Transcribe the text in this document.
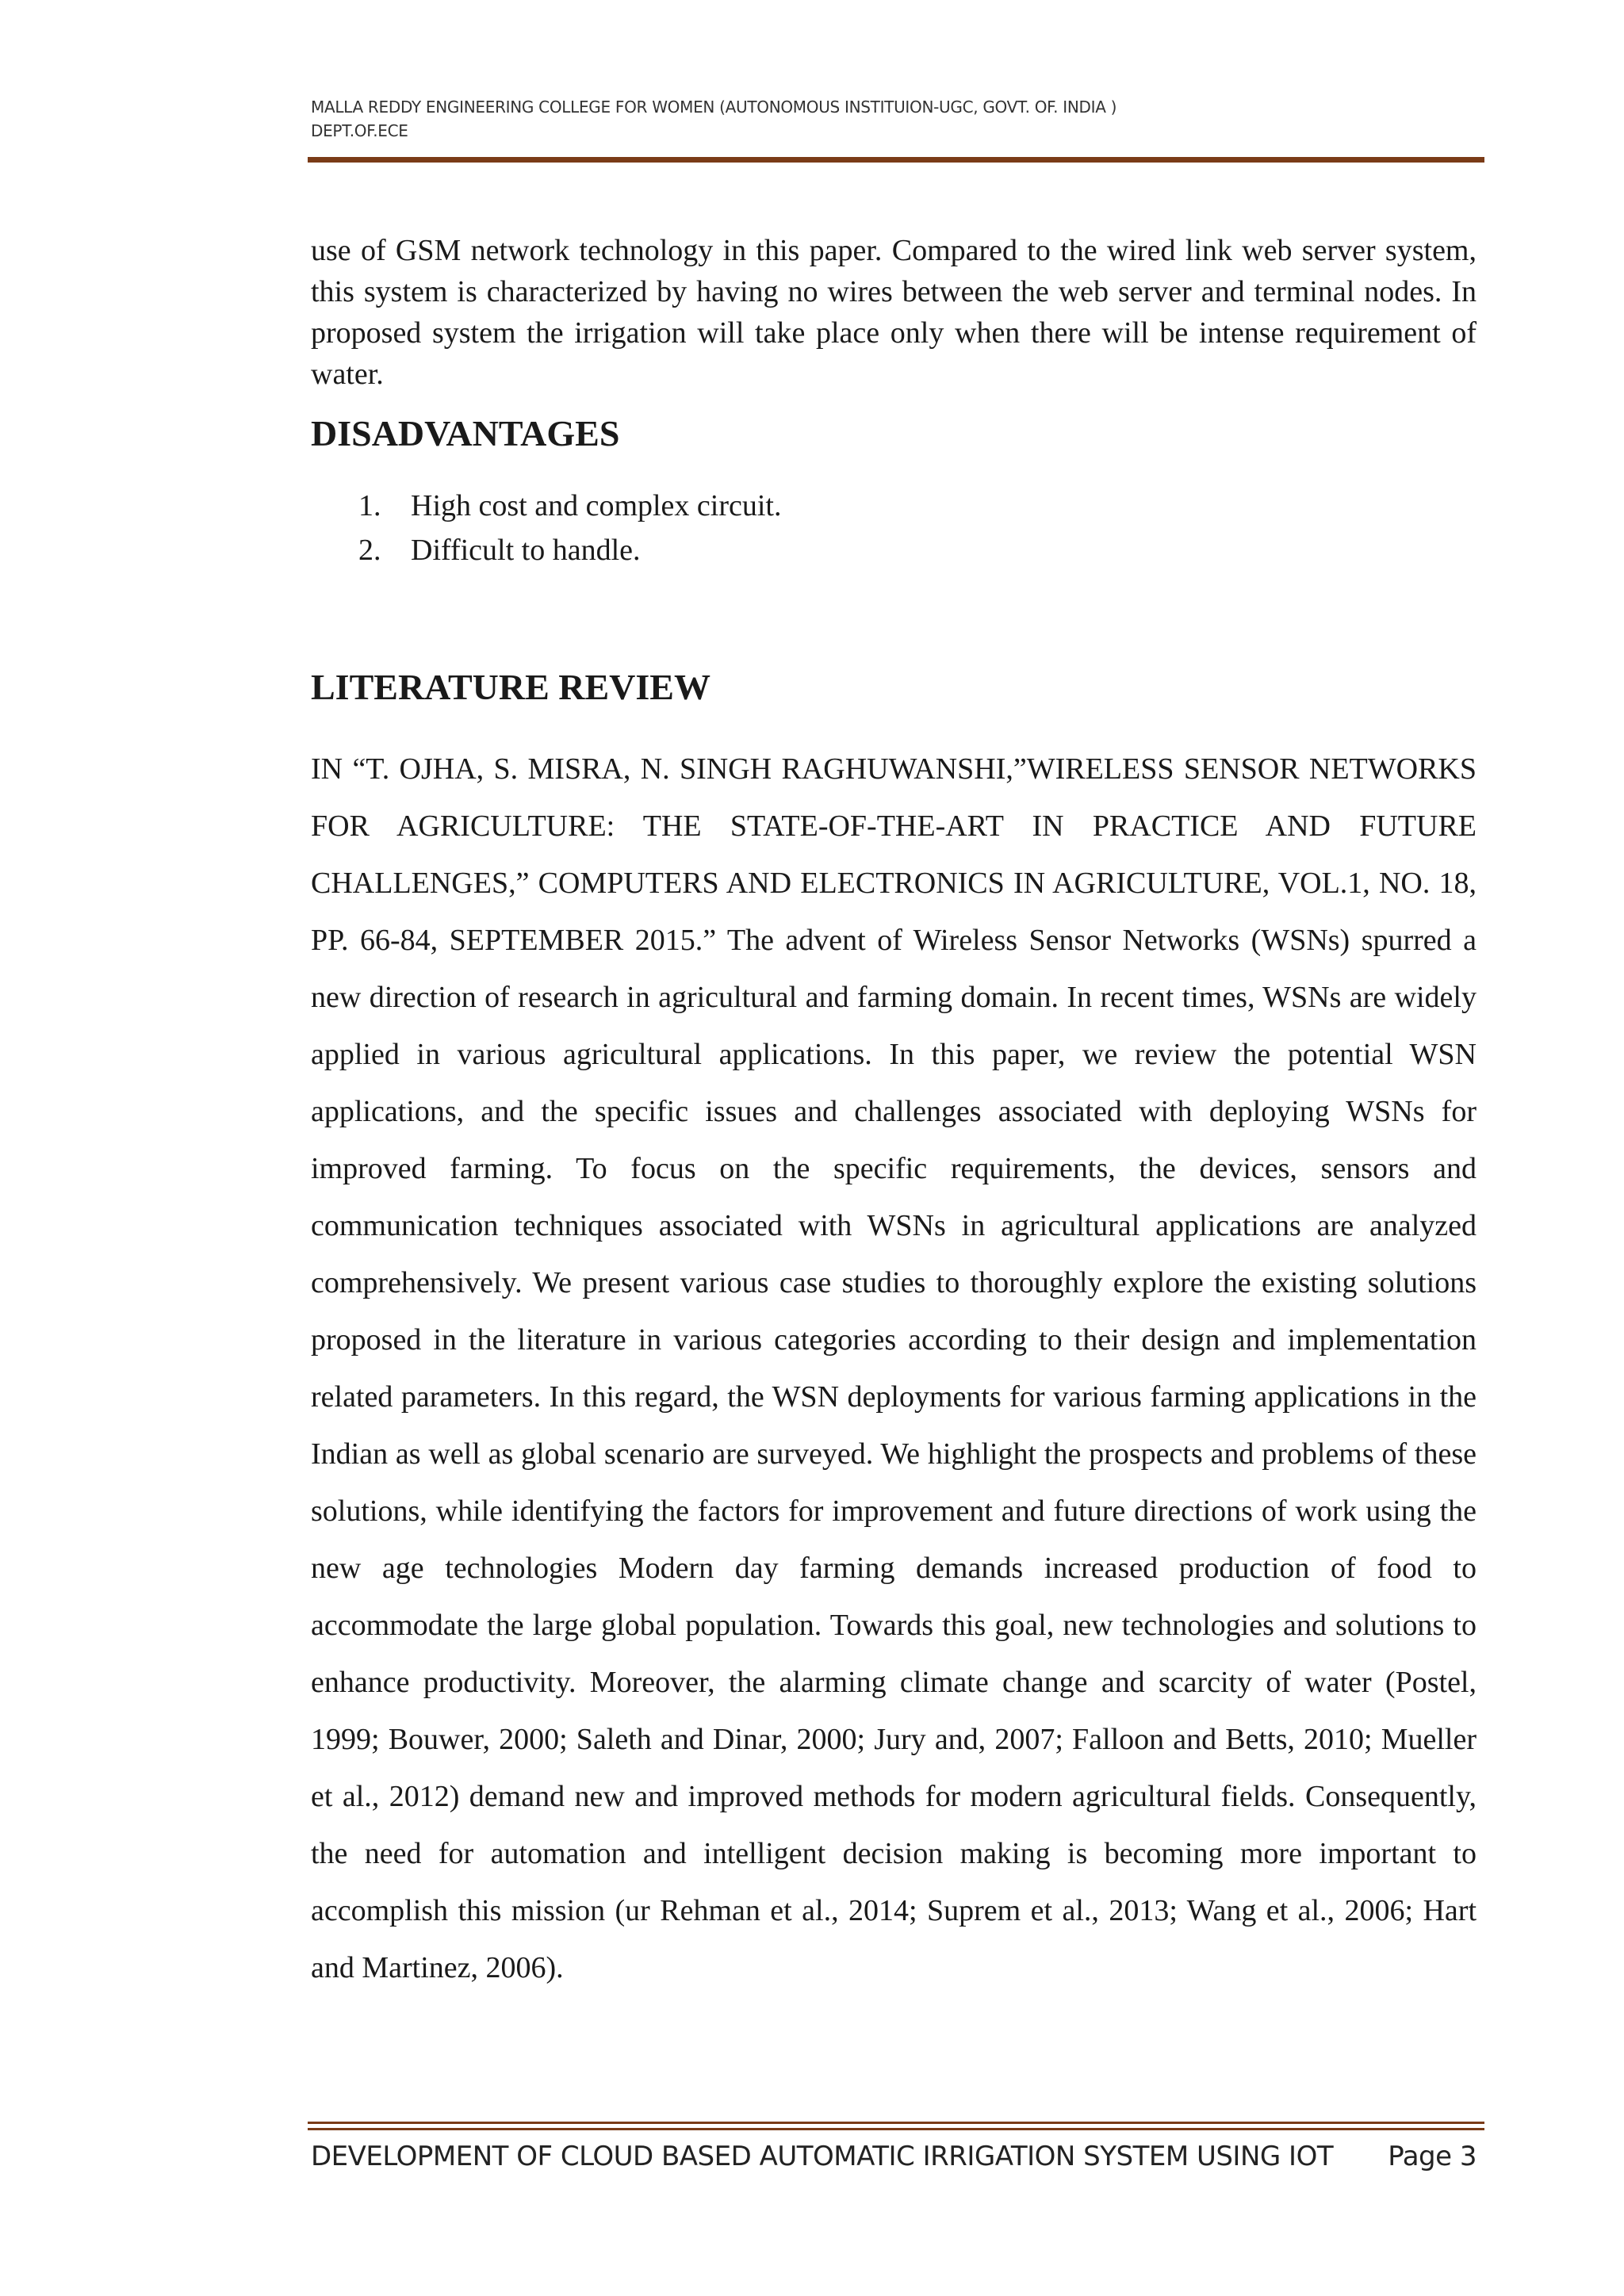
MALLA REDDY ENGINEERING COLLEGE FOR WOMEN (AUTONOMOUS INSTITUION-UGC, GOVT. OF. INDIA )
DEPT.OF.ECE
use of GSM network technology in this paper. Compared to the wired link web server system, this system is characterized by having no wires between the web server and terminal nodes. In proposed system the irrigation will take place only when there will be intense requirement of water.
DISADVANTAGES
1. High cost and complex circuit.
2. Difficult to handle.
LITERATURE REVIEW
IN “T. OJHA, S. MISRA, N. SINGH RAGHUWANSHI,”WIRELESS SENSOR NETWORKS FOR AGRICULTURE: THE STATE-OF-THE-ART IN PRACTICE AND FUTURE CHALLENGES,” COMPUTERS AND ELECTRONICS IN AGRICULTURE, VOL.1, NO. 18, PP. 66-84, SEPTEMBER 2015.” The advent of Wireless Sensor Networks (WSNs) spurred a new direction of research in agricultural and farming domain. In recent times, WSNs are widely applied in various agricultural applications. In this paper, we review the potential WSN applications, and the specific issues and challenges associated with deploying WSNs for improved farming. To focus on the specific requirements, the devices, sensors and communication techniques associated with WSNs in agricultural applications are analyzed comprehensively. We present various case studies to thoroughly explore the existing solutions proposed in the literature in various categories according to their design and implementation related parameters. In this regard, the WSN deployments for various farming applications in the Indian as well as global scenario are surveyed. We highlight the prospects and problems of these solutions, while identifying the factors for improvement and future directions of work using the new age technologies Modern day farming demands increased production of food to accommodate the large global population. Towards this goal, new technologies and solutions to enhance productivity. Moreover, the alarming climate change and scarcity of water (Postel, 1999; Bouwer, 2000; Saleth and Dinar, 2000; Jury and, 2007; Falloon and Betts, 2010; Mueller et al., 2012) demand new and improved methods for modern agricultural fields. Consequently, the need for automation and intelligent decision making is becoming more important to accomplish this mission (ur Rehman et al., 2014; Suprem et al., 2013; Wang et al., 2006; Hart and Martinez, 2006).
DEVELOPMENT OF CLOUD BASED AUTOMATIC IRRIGATION SYSTEM USING IOT Page 3
